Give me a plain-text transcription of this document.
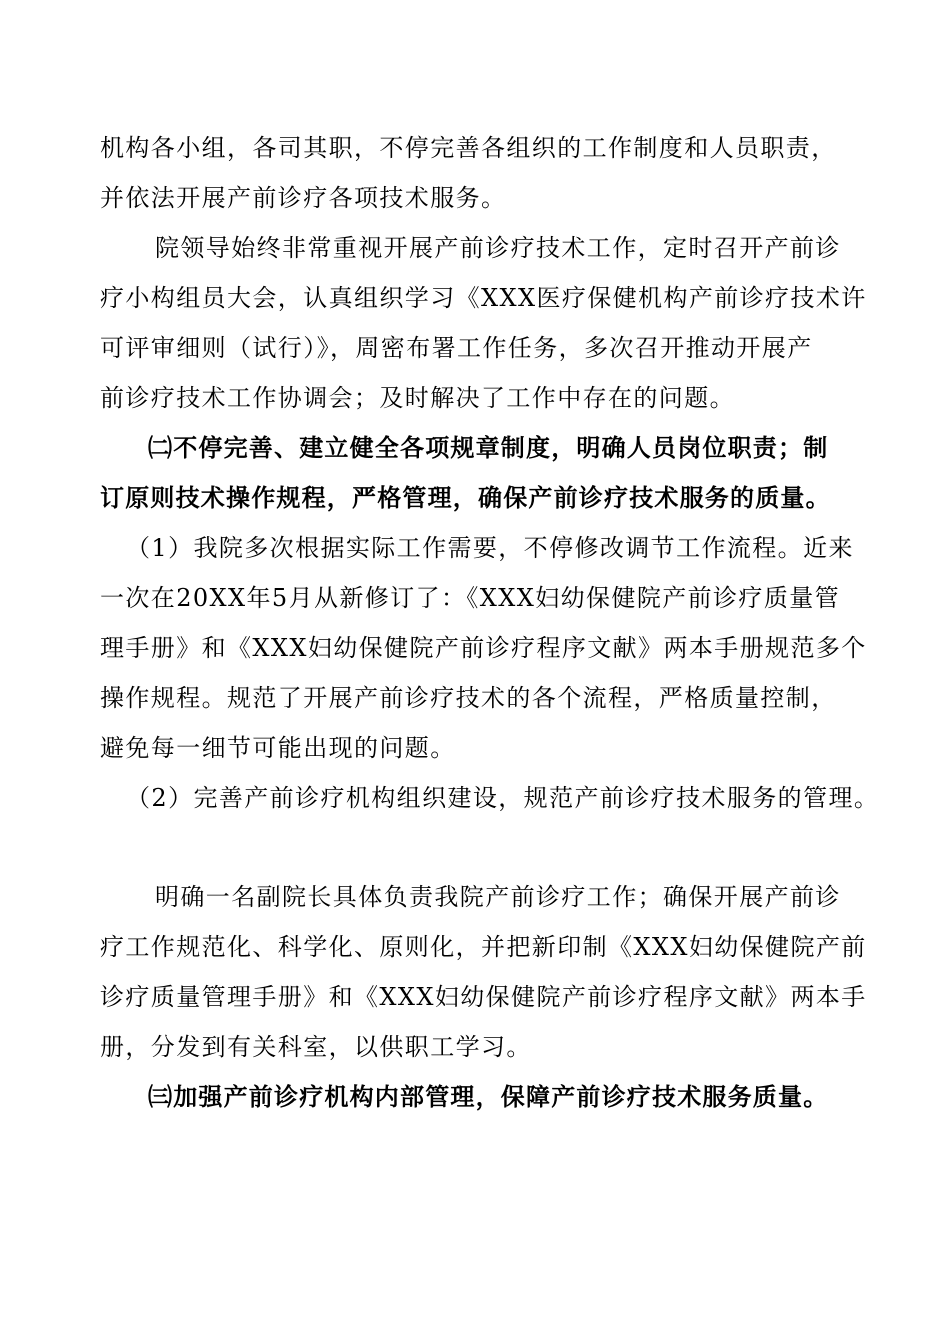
机构各小组，各司其职，不停完善各组织的工作制度和人员职责，
并依法开展产前诊疗各项技术服务。
院领导始终非常重视开展产前诊疗技术工作，定时召开产前诊
疗小构组员大会，认真组织学习《XXX医疗保健机构产前诊疗技术许
可评审细则（试行）》，周密布署工作任务，多次召开推动开展产
前诊疗技术工作协调会；及时解决了工作中存在的问题。
㈡不停完善、建立健全各项规章制度，明确人员岗位职责；制
订原则技术操作规程，严格管理，确保产前诊疗技术服务的质量。
（1）我院多次根据实际工作需要，不停修改调节工作流程。近来
一次在20XX年5月从新修订了：《XXX妇幼保健院产前诊疗质量管
理手册》和《XXX妇幼保健院产前诊疗程序文献》两本手册规范多个
操作规程。规范了开展产前诊疗技术的各个流程，严格质量控制，
避免每一细节可能出现的问题。
（2）完善产前诊疗机构组织建设，规范产前诊疗技术服务的管理。
明确一名副院长具体负责我院产前诊疗工作；确保开展产前诊
疗工作规范化、科学化、原则化，并把新印制《XXX妇幼保健院产前
诊疗质量管理手册》和《XXX妇幼保健院产前诊疗程序文献》两本手
册，分发到有关科室，以供职工学习。
㈢加强产前诊疗机构内部管理，保障产前诊疗技术服务质量。
